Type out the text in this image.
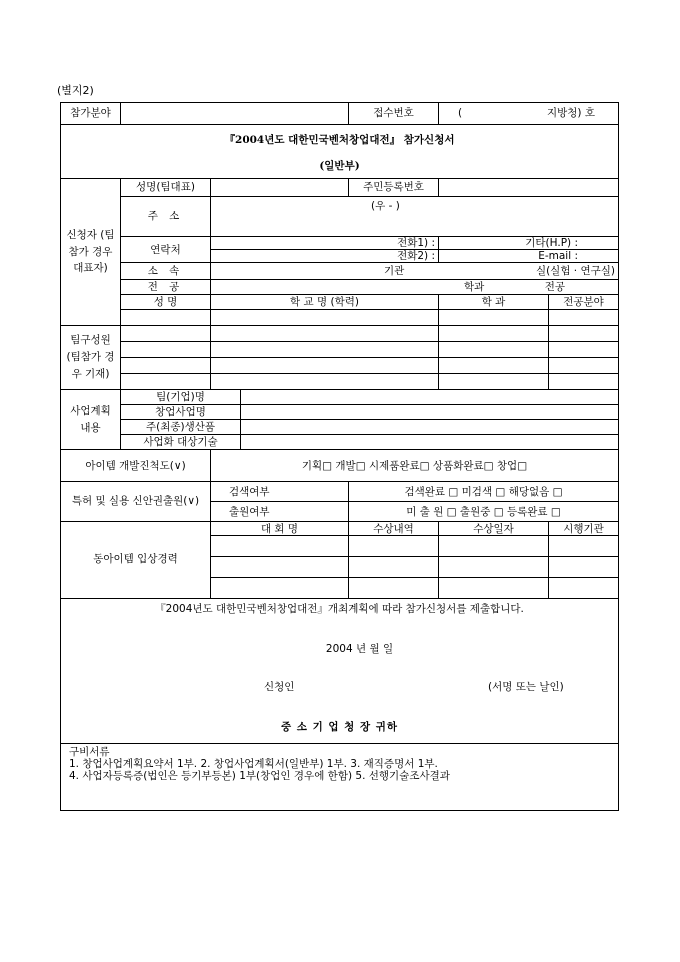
(별지2)
참가분야				접수번호	( 지방청) 호	

『2004년도 대한민국벤처창업대전』 참가신청서						
(일반부)						
신청자 (팀참가 경우 대표자)	성명(팀대표)			주민등록번호		
	주 소	(우 - )				
	연락처	전화1) :			기타(H.P) :	
		전화2) :			E-mail :	
	소 속	기관 실(실험 · 연구실)				

	전 공	학과 전공				

	성 명	학 교 명 (학력)			학 과	전공분야

팀구성원 (팀참가 경우 기재)						

사업계획 내용	팀(기업)명					
	창업사업명					
	주(최종)생산품					
	사업화 대상기술					
아이템 개발진척도(∨)		기획□ 개발□ 시제품완료□ 상품화완료□ 창업□				
특허 및 실용 신안권출원(∨)		검색여부		검색완료 □ 미검색 □ 해당없음 □		
		출원여부		미 출 원 □ 출원중 □ 등록완료 □		
동아이템 입상경력		대 회 명		수상내역	수상일자	시행기관

『2004년도 대한민국벤처창업대전』개최계획에 따라 참가신청서를 제출합니다.
2004 년 월 일
신청인 (서명 또는 날인)
중 소 기 업 청 장 귀하						

구비서류
1. 창업사업계획요약서 1부. 2. 창업사업계획서(일반부) 1부. 3. 재직증명서 1부.
4. 사업자등록증(법인은 등기부등본) 1부(창업인 경우에 한함) 5. 선행기술조사결과						
